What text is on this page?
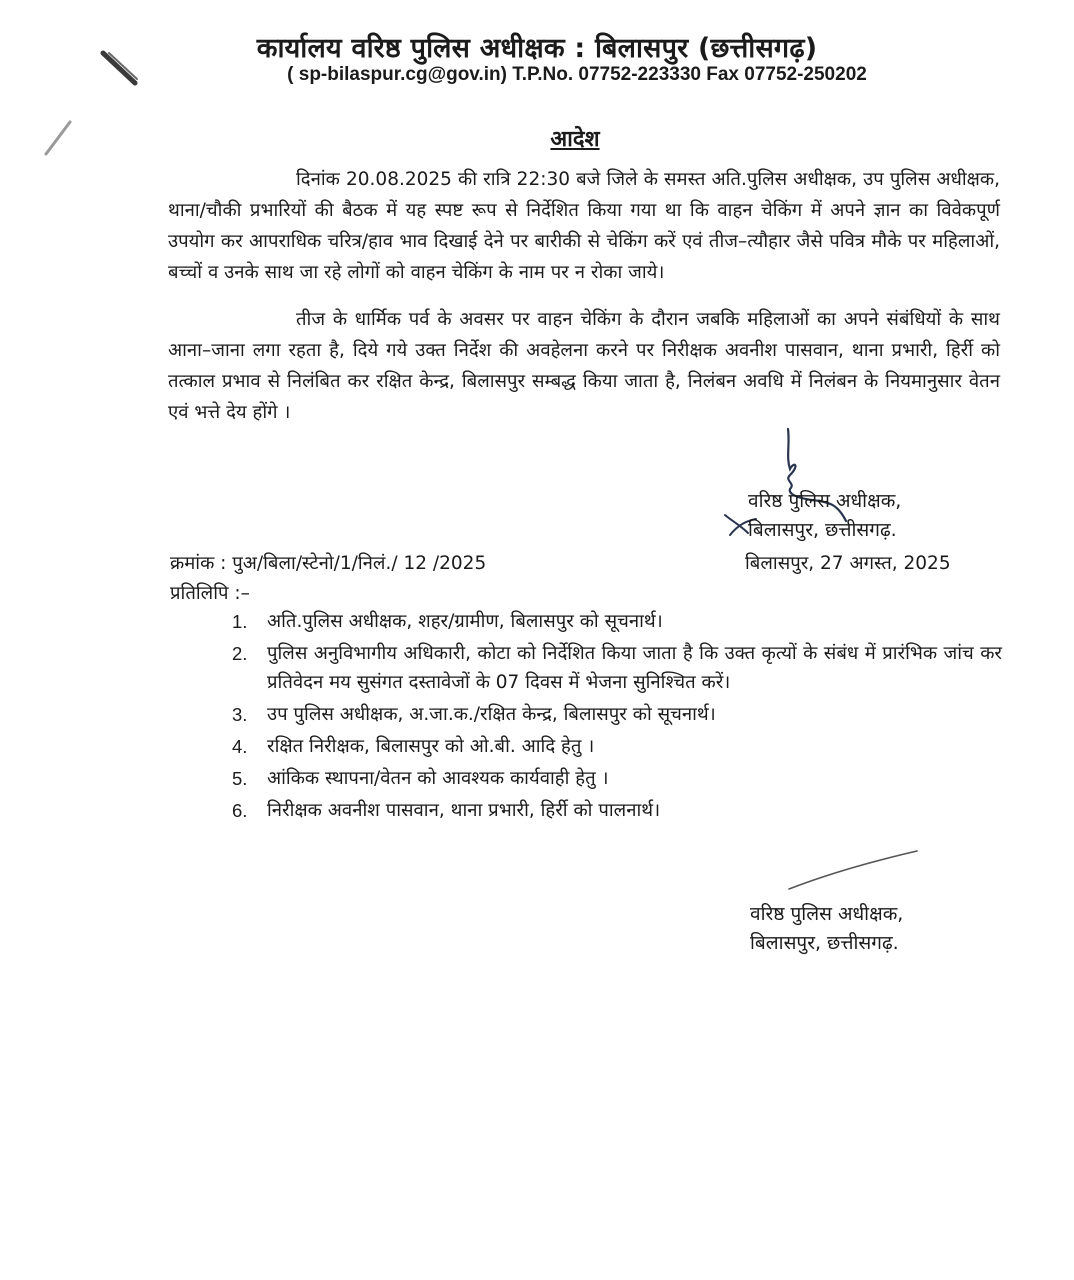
कार्यालय वरिष्ठ पुलिस अधीक्षक : बिलासपुर (छत्तीसगढ़)
( sp-bilaspur.cg@gov.in) T.P.No. 07752-223330 Fax 07752-250202
आदेश

दिनांक 20.08.2025 की रात्रि 22:30 बजे जिले के समस्त अति.पुलिस अधीक्षक, उप पुलिस अधीक्षक, थाना/चौकी प्रभारियों की बैठक में यह स्पष्ट रूप से निर्देशित किया गया था कि वाहन चेकिंग में अपने ज्ञान का विवेकपूर्ण उपयोग कर आपराधिक चरित्र/हाव भाव दिखाई देने पर बारीकी से चेकिंग करें एवं तीज–त्यौहार जैसे पवित्र मौके पर महिलाओं, बच्चों व उनके साथ जा रहे लोगों को वाहन चेकिंग के नाम पर न रोका जाये।

तीज के धार्मिक पर्व के अवसर पर वाहन चेकिंग के दौरान जबकि महिलाओं का अपने संबंधियों के साथ आना–जाना लगा रहता है, दिये गये उक्त निर्देश की अवहेलना करने पर निरीक्षक अवनीश पासवान, थाना प्रभारी, हिर्री को तत्काल प्रभाव से निलंबित कर रक्षित केन्द्र, बिलासपुर सम्बद्ध किया जाता है, निलंबन अवधि में निलंबन के नियमानुसार वेतन एवं भत्ते देय होंगे ।

वरिष्ठ पुलिस अधीक्षक,
बिलासपुर, छत्तीसगढ़.
क्रमांक : पुअ/बिला/स्टेनो/1/निलं./ 12 /2025	बिलासपुर, 27 अगस्त, 2025
प्रतिलिपि :–
1. अति.पुलिस अधीक्षक, शहर/ग्रामीण, बिलासपुर को सूचनार्थ।
2. पुलिस अनुविभागीय अधिकारी, कोटा को निर्देशित किया जाता है कि उक्त कृत्यों के संबंध में प्रारंभिक जांच कर प्रतिवेदन मय सुसंगत दस्तावेजों के 07 दिवस में भेजना सुनिश्चित करें।
3. उप पुलिस अधीक्षक, अ.जा.क./रक्षित केन्द्र, बिलासपुर को सूचनार्थ।
4. रक्षित निरीक्षक, बिलासपुर को ओ.बी. आदि हेतु ।
5. आंकिक स्थापना/वेतन को आवश्यक कार्यवाही हेतु ।
6. निरीक्षक अवनीश पासवान, थाना प्रभारी, हिर्री को पालनार्थ।
वरिष्ठ पुलिस अधीक्षक,
बिलासपुर, छत्तीसगढ़.
